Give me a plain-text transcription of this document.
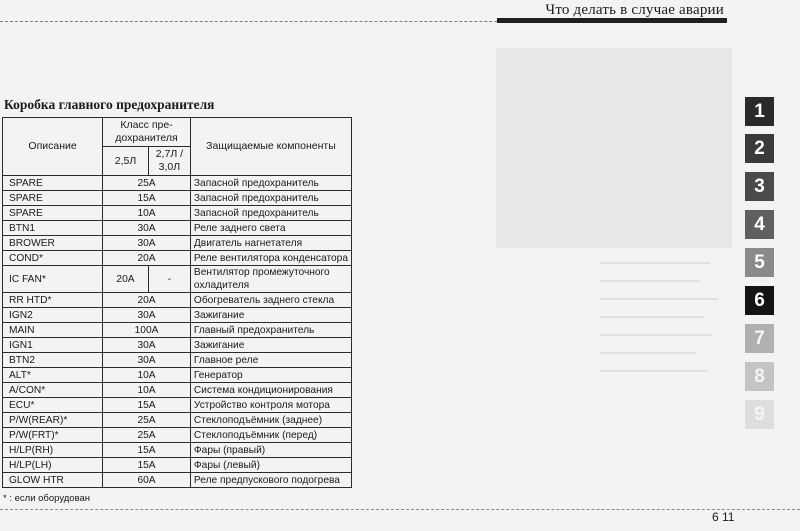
Что делать в случае аварии
Коробка главного предохранителя
Описание	Класс пре-дохранителя		Защищаемые компоненты
	2,5Л	2,7Л / 3,0Л	
SPARE	25A		Запасной предохранитель
SPARE	15A		Запасной предохранитель
SPARE	10A		Запасной предохранитель
BTN1	30A		Реле заднего света
BROWER	30A		Двигатель нагнетателя
COND*	20A		Реле вентилятора конденсатора
IC FAN*	20A	-	Вентилятор промежуточного охладителя
RR HTD*	20A		Обогреватель заднего стекла
IGN2	30A		Зажигание
MAIN	100A		Главный предохранитель
IGN1	30A		Зажигание
BTN2	30A		Главное реле
ALT*	10A		Генератор
A/CON*	10A		Система кондиционирования
ECU*	15A		Устройство контроля мотора
P/W(REAR)*	25A		Стеклоподъёмник (заднее)
P/W(FRT)*	25A		Стеклоподъёмник (перед)
H/LP(RH)	15A		Фары (правый)
H/LP(LH)	15A		Фары (левый)
GLOW HTR	60A		Реле предпускового подогрева
* : если оборудован
6 11
1
2
3
4
5
6
7
8
9
